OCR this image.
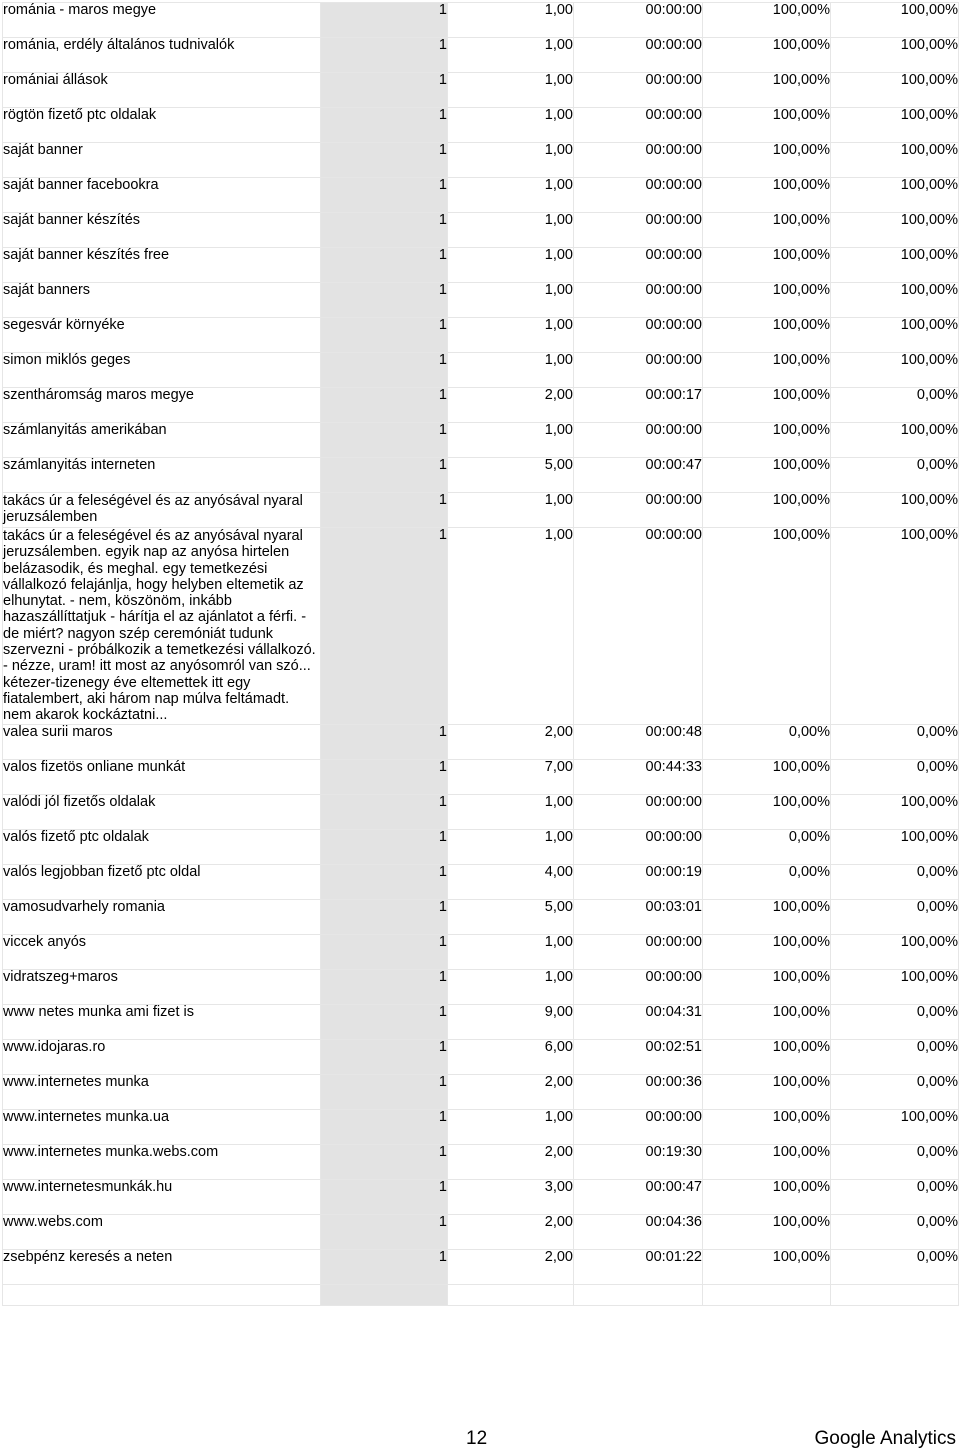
románia - maros megye	1	1,00	00:00:00	100,00%	100,00%
románia, erdély általános tudnivalók	1	1,00	00:00:00	100,00%	100,00%
romániai állások	1	1,00	00:00:00	100,00%	100,00%
rögtön fizető ptc oldalak	1	1,00	00:00:00	100,00%	100,00%
saját banner	1	1,00	00:00:00	100,00%	100,00%
saját banner facebookra	1	1,00	00:00:00	100,00%	100,00%
saját banner készítés	1	1,00	00:00:00	100,00%	100,00%
saját banner készítés free	1	1,00	00:00:00	100,00%	100,00%
saját banners	1	1,00	00:00:00	100,00%	100,00%
segesvár környéke	1	1,00	00:00:00	100,00%	100,00%
simon miklós geges	1	1,00	00:00:00	100,00%	100,00%
szentháromság maros megye	1	2,00	00:00:17	100,00%	0,00%
számlanyitás amerikában	1	1,00	00:00:00	100,00%	100,00%
számlanyitás interneten	1	5,00	00:00:47	100,00%	0,00%
takács úr a feleségével és az anyósával nyaral jeruzsálemben	1	1,00	00:00:00	100,00%	100,00%
takács úr a feleségével és az anyósával nyaral jeruzsálemben. egyik nap az anyósa hirtelen belázasodik, és meghal. egy temetkezési vállalkozó felajánlja, hogy helyben eltemetik az elhunytat. - nem, köszönöm, inkább hazaszállíttatjuk - hárítja el az ajánlatot a férfi. - de miért? nagyon szép ceremóniát tudunk szervezni - próbálkozik a temetkezési vállalkozó. - nézze, uram! itt most az anyósomról van szó... kétezer-tizenegy éve eltemettek itt egy fiatalembert, aki három nap múlva feltámadt. nem akarok kockáztatni...	1	1,00	00:00:00	100,00%	100,00%
valea surii maros	1	2,00	00:00:48	0,00%	0,00%
valos fizetös onliane munkát	1	7,00	00:44:33	100,00%	0,00%
valódi jól fizetős oldalak	1	1,00	00:00:00	100,00%	100,00%
valós fizető ptc oldalak	1	1,00	00:00:00	0,00%	100,00%
valós legjobban fizető ptc oldal	1	4,00	00:00:19	0,00%	0,00%
vamosudvarhely romania	1	5,00	00:03:01	100,00%	0,00%
viccek anyós	1	1,00	00:00:00	100,00%	100,00%
vidratszeg+maros	1	1,00	00:00:00	100,00%	100,00%
www netes munka ami fizet is	1	9,00	00:04:31	100,00%	0,00%
www.idojaras.ro	1	6,00	00:02:51	100,00%	0,00%
www.internetes munka	1	2,00	00:00:36	100,00%	0,00%
www.internetes munka.ua	1	1,00	00:00:00	100,00%	100,00%
www.internetes munka.webs.com	1	2,00	00:19:30	100,00%	0,00%
www.internetesmunkák.hu	1	3,00	00:00:47	100,00%	0,00%
www.webs.com	1	2,00	00:04:36	100,00%	0,00%
zsebpénz keresés a neten	1	2,00	00:01:22	100,00%	0,00%

12	Google Analytics
